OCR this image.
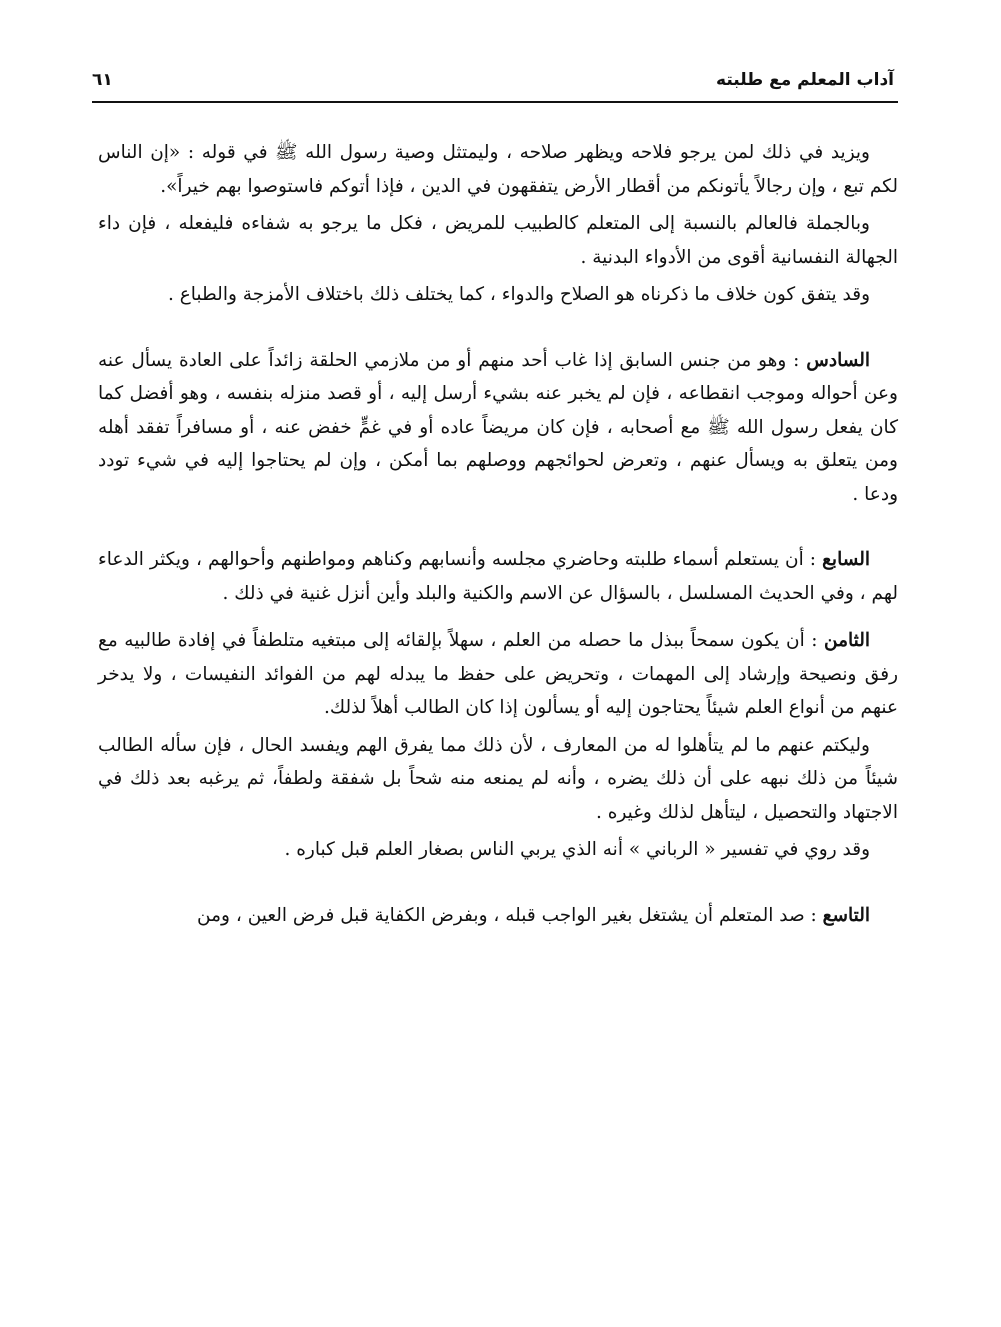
آداب المعلم مع طلبته
٦١

ويزيد في ذلك لمن يرجو فلاحه ويظهر صلاحه ، وليمتثل وصية رسول الله ﷺ في قوله : «إن الناس لكم تبع ، وإن رجالاً يأتونكم من أقطار الأرض يتفقهون في الدين ، فإذا أتوكم فاستوصوا بهم خيراً».

وبالجملة فالعالم بالنسبة إلى المتعلم كالطبيب للمريض ، فكل ما يرجو به شفاءه فليفعله ، فإن داء الجهالة النفسانية أقوى من الأدواء البدنية .

وقد يتفق كون خلاف ما ذكرناه هو الصلاح والدواء ، كما يختلف ذلك باختلاف الأمزجة والطباع .

السادس : وهو من جنس السابق إذا غاب أحد منهم أو من ملازمي الحلقة زائداً على العادة يسأل عنه وعن أحواله وموجب انقطاعه ، فإن لم يخبر عنه بشيء أرسل إليه ، أو قصد منزله بنفسه ، وهو أفضل كما كان يفعل رسول الله ﷺ مع أصحابه ، فإن كان مريضاً عاده أو في غمٍّ خفض عنه ، أو مسافراً تفقد أهله ومن يتعلق به ويسأل عنهم ، وتعرض لحوائجهم ووصلهم بما أمكن ، وإن لم يحتاجوا إليه في شيء تودد ودعا .

السابع : أن يستعلم أسماء طلبته وحاضري مجلسه وأنسابهم وكناهم ومواطنهم وأحوالهم ، ويكثر الدعاء لهم ، وفي الحديث المسلسل ، بالسؤال عن الاسم والكنية والبلد وأين أنزل غنية في ذلك .

الثامن : أن يكون سمحاً ببذل ما حصله من العلم ، سهلاً بإلقائه إلى مبتغيه متلطفاً في إفادة طالبيه مع رفق ونصيحة وإرشاد إلى المهمات ، وتحريض على حفظ ما يبدله لهم من الفوائد النفيسات ، ولا يدخر عنهم من أنواع العلم شيئاً يحتاجون إليه أو يسألون إذا كان الطالب أهلاً لذلك.

وليكتم عنهم ما لم يتأهلوا له من المعارف ، لأن ذلك مما يفرق الهم ويفسد الحال ، فإن سأله الطالب شيئاً من ذلك نبهه على أن ذلك يضره ، وأنه لم يمنعه منه شحاً بل شفقة ولطفاً، ثم يرغبه بعد ذلك في الاجتهاد والتحصيل ، ليتأهل لذلك وغيره .

وقد روي في تفسير « الرباني » أنه الذي يربي الناس بصغار العلم قبل كباره .

التاسع : صد المتعلم أن يشتغل بغير الواجب قبله ، وبفرض الكفاية قبل فرض العين ، ومن
